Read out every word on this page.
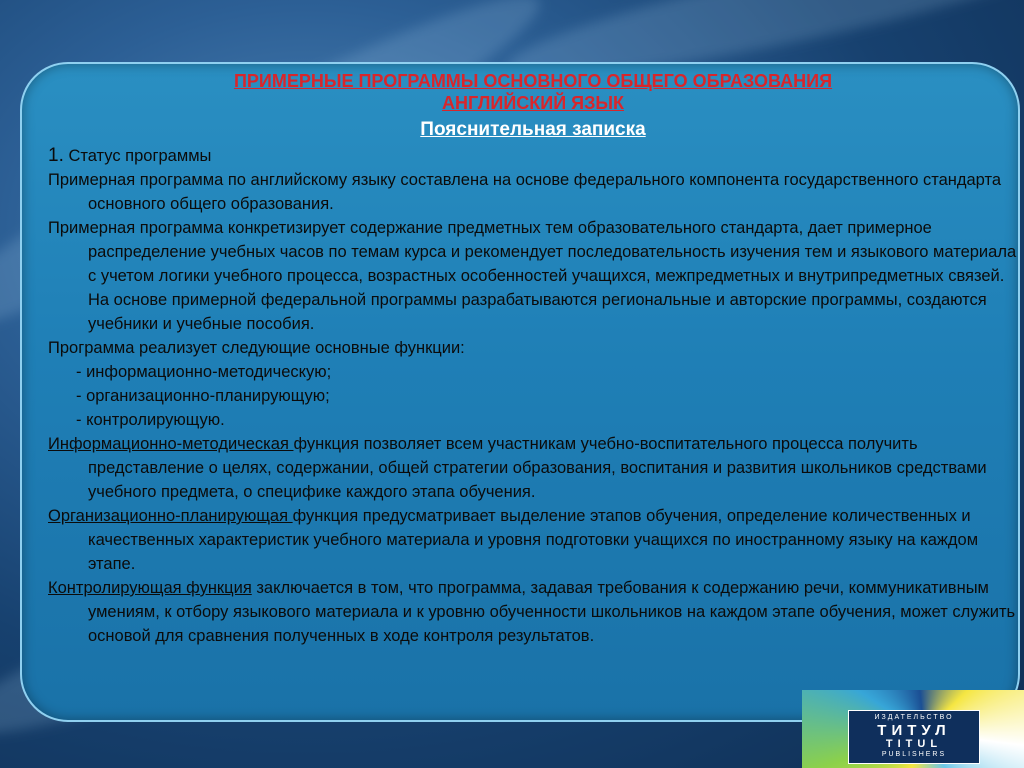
ПРИМЕРНЫЕ ПРОГРАММЫ ОСНОВНОГО ОБЩЕГО ОБРАЗОВАНИЯ

АНГЛИЙСКИЙ ЯЗЫК

Пояснительная записка

1. Статус программы

Примерная программа по английскому языку составлена на основе федерального компонента государственного стандарта основного общего образования.

Примерная программа конкретизирует содержание предметных тем образовательного стандарта, дает примерное распределение учебных часов по темам курса и рекомендует последовательность изучения тем и языкового материала с учетом логики учебного процесса, возрастных особенностей учащихся, межпредметных и внутрипредметных связей. На основе примерной федеральной программы разрабатываются региональные и авторские программы, создаются учебники и учебные пособия.

Программа реализует следующие основные функции:

- информационно-методическую;

- организационно-планирующую;

- контролирующую.

Информационно-методическая функция позволяет всем участникам учебно-воспитательного процесса получить представление о целях, содержании, общей стратегии образования, воспитания и развития школьников средствами учебного предмета, о специфике каждого этапа обучения.

Организационно-планирующая функция предусматривает выделение этапов обучения, определение количественных и качественных характеристик учебного материала и уровня подготовки учащихся по иностранному языку на каждом этапе.

Контролирующая функция заключается в том, что программа, задавая требования к содержанию речи, коммуникативным умениям, к отбору языкового материала и к уровню обученности школьников на каждом этапе обучения, может служить основой для сравнения полученных в ходе контроля результатов.

ИЗДАТЕЛЬСТВО
ТИТУЛ
TITUL
PUBLISHERS
